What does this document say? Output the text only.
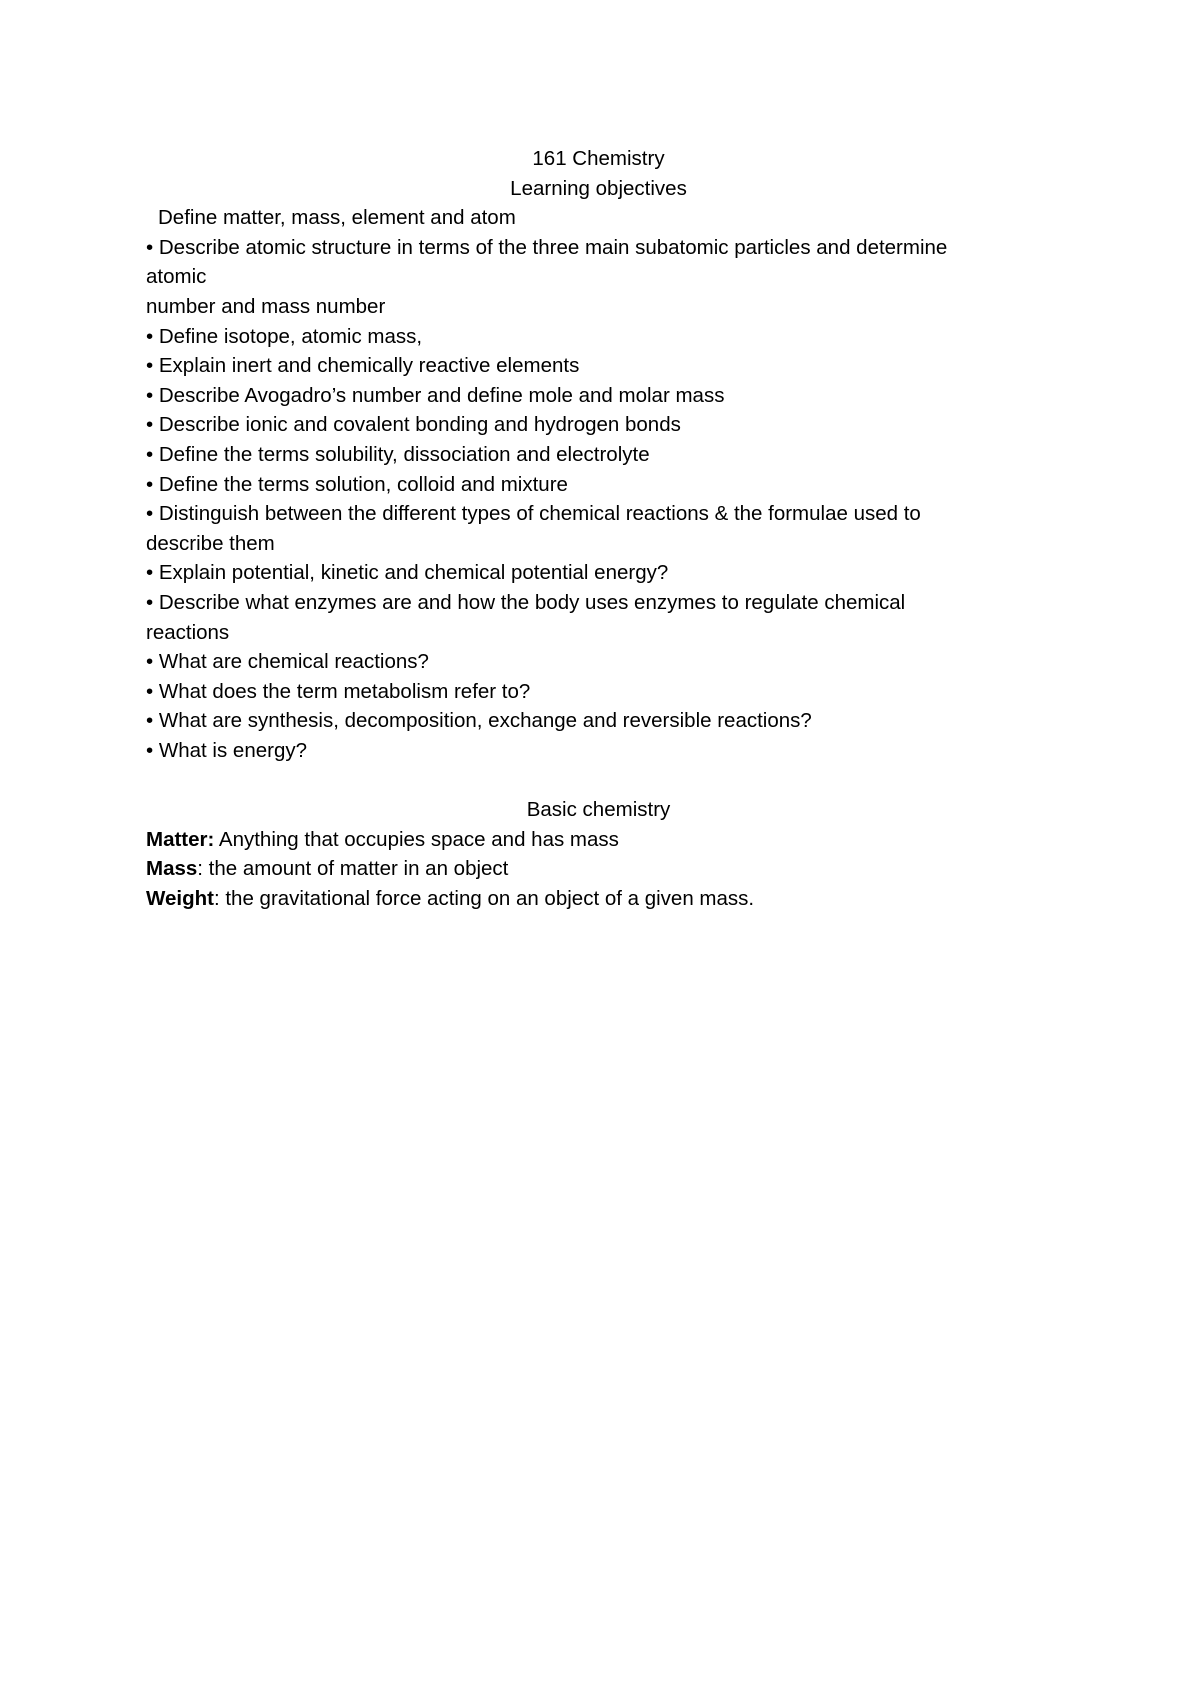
161 Chemistry
Learning objectives
Define matter, mass, element and atom
• Describe atomic structure in terms of the three main subatomic particles and determine
atomic
number and mass number
• Define isotope, atomic mass,
• Explain inert and chemically reactive elements
• Describe Avogadro’s number and define mole and molar mass
• Describe ionic and covalent bonding and hydrogen bonds
• Define the terms solubility, dissociation and electrolyte
• Define the terms solution, colloid and mixture
• Distinguish between the different types of chemical reactions & the formulae used to
describe them
• Explain potential, kinetic and chemical potential energy?
• Describe what enzymes are and how the body uses enzymes to regulate chemical
reactions
• What are chemical reactions?
• What does the term metabolism refer to?
• What are synthesis, decomposition, exchange and reversible reactions?
• What is energy?
Basic chemistry
Matter: Anything that occupies space and has mass
Mass: the amount of matter in an object
Weight: the gravitational force acting on an object of a given mass.
